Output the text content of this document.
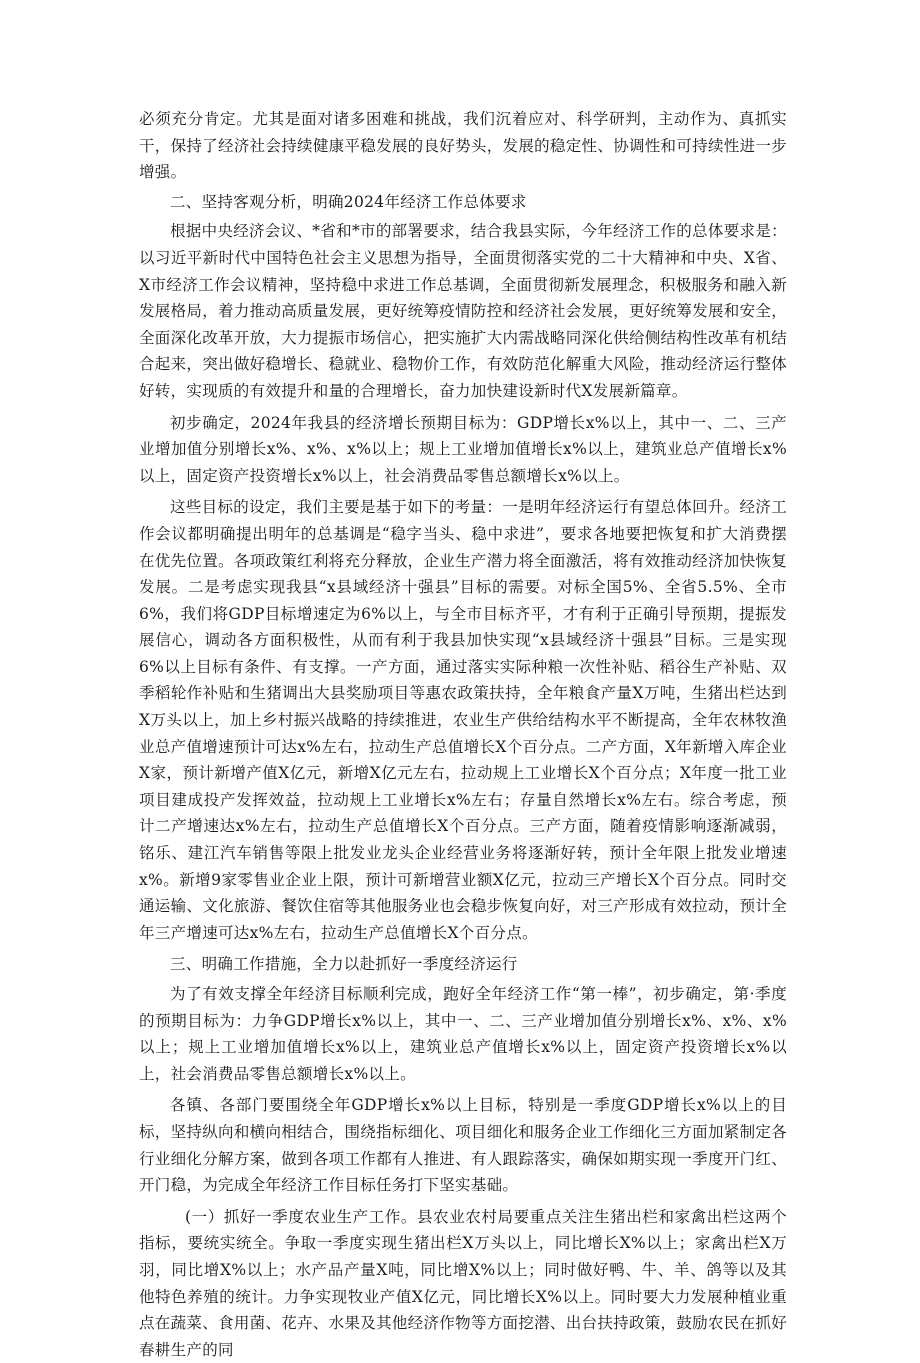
必须充分肯定。尤其是面对诸多困难和挑战，我们沉着应对、科学研判，主动作为、真抓实干，保持了经济社会持续健康平稳发展的良好势头，发展的稳定性、协调性和可持续性进一步增强。

二、坚持客观分析，明确2024年经济工作总体要求

根据中央经济会议、*省和*市的部署要求，结合我县实际，今年经济工作的总体要求是：以习近平新时代中国特色社会主义思想为指导，全面贯彻落实党的二十大精神和中央、X省、X市经济工作会议精神，坚持稳中求进工作总基调，全面贯彻新发展理念，积极服务和融入新发展格局，着力推动高质量发展，更好统筹疫情防控和经济社会发展，更好统筹发展和安全，全面深化改革开放，大力提振市场信心，把实施扩大内需战略同深化供给侧结构性改革有机结合起来，突出做好稳增长、稳就业、稳物价工作，有效防范化解重大风险，推动经济运行整体好转，实现质的有效提升和量的合理增长，奋力加快建设新时代X发展新篇章。

初步确定，2024年我县的经济增长预期目标为：GDP增长x%以上，其中一、二、三产业增加值分别增长x%、x%、x%以上；规上工业增加值增长x%以上，建筑业总产值增长x%以上，固定资产投资增长x%以上，社会消费品零售总额增长x%以上。

这些目标的设定，我们主要是基于如下的考量：一是明年经济运行有望总体回升。经济工作会议都明确提出明年的总基调是“稳字当头、稳中求进”，要求各地要把恢复和扩大消费摆在优先位置。各项政策红利将充分释放，企业生产潜力将全面激活，将有效推动经济加快恢复发展。二是考虑实现我县“x县域经济十强县”目标的需要。对标全国5%、全省5.5%、全市6%，我们将GDP目标增速定为6%以上，与全市目标齐平，才有利于正确引导预期，提振发展信心，调动各方面积极性，从而有利于我县加快实现“x县域经济十强县”目标。三是实现6%以上目标有条件、有支撑。一产方面，通过落实实际种粮一次性补贴、稻谷生产补贴、双季稻轮作补贴和生猪调出大县奖励项目等惠农政策扶持，全年粮食产量X万吨，生猪出栏达到X万头以上，加上乡村振兴战略的持续推进，农业生产供给结构水平不断提高，全年农林牧渔业总产值增速预计可达x%左右，拉动生产总值增长X个百分点。二产方面，X年新增入库企业X家，预计新增产值X亿元，新增X亿元左右，拉动规上工业增长X个百分点；X年度一批工业项目建成投产发挥效益，拉动规上工业增长x%左右；存量自然增长x%左右。综合考虑，预计二产增速达x%左右，拉动生产总值增长X个百分点。三产方面，随着疫情影响逐渐减弱，铭乐、建江汽车销售等限上批发业龙头企业经营业务将逐渐好转，预计全年限上批发业增速x%。新增9家零售业企业上限，预计可新增营业额X亿元，拉动三产增长X个百分点。同时交通运输、文化旅游、餐饮住宿等其他服务业也会稳步恢复向好，对三产形成有效拉动，预计全年三产增速可达x%左右，拉动生产总值增长X个百分点。

三、明确工作措施，全力以赴抓好一季度经济运行

为了有效支撑全年经济目标顺利完成，跑好全年经济工作“第一棒”，初步确定，第·季度的预期目标为：力争GDP增长x%以上，其中一、二、三产业增加值分别增长x%、x%、x%以上；规上工业增加值增长x%以上，建筑业总产值增长x%以上，固定资产投资增长x%以上，社会消费品零售总额增长x%以上。

各镇、各部门要围绕全年GDP增长x%以上目标，特别是一季度GDP增长x%以上的目标，坚持纵向和横向相结合，围绕指标细化、项目细化和服务企业工作细化三方面加紧制定各行业细化分解方案，做到各项工作都有人推进、有人跟踪落实，确保如期实现一季度开门红、开门稳，为完成全年经济工作目标任务打下坚实基础。

(一）抓好一季度农业生产工作。县农业农村局要重点关注生猪出栏和家禽出栏这两个指标，要统实统全。争取一季度实现生猪出栏X万头以上，同比增长X%以上；家禽出栏X万羽，同比增X%以上；水产品产量X吨，同比增X%以上；同时做好鸭、牛、羊、鸽等以及其他特色养殖的统计。力争实现牧业产值X亿元，同比增长X%以上。同时要大力发展种植业重点在蔬菜、食用菌、花卉、水果及其他经济作物等方面挖潜、出台扶持政策，鼓励农民在抓好春耕生产的同
